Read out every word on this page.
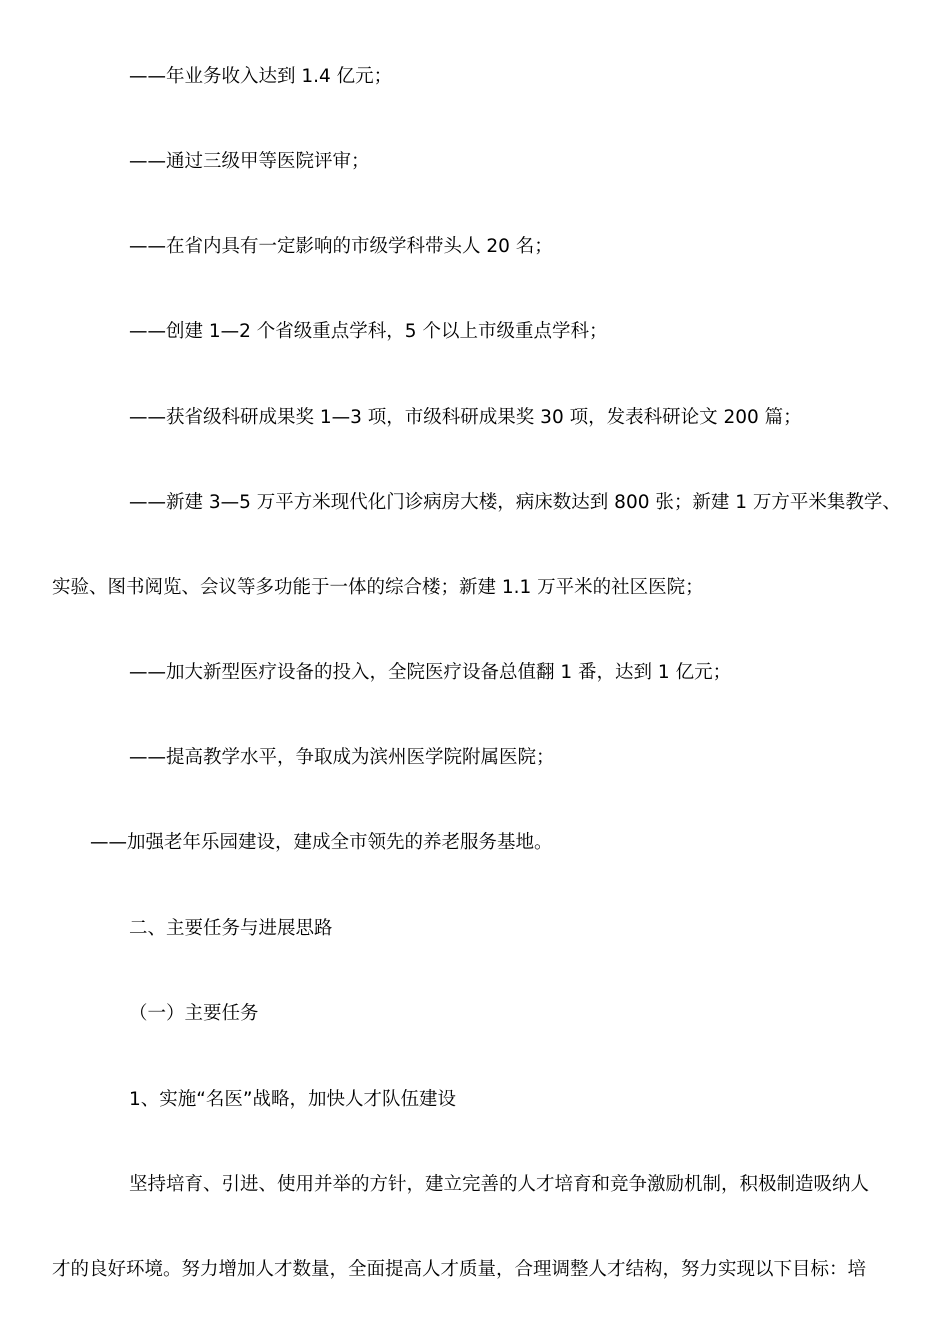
——年业务收入达到 1.4 亿元；
——通过三级甲等医院评审；
——在省内具有一定影响的市级学科带头人 20 名；
——创建 1—2 个省级重点学科，5 个以上市级重点学科；
——获省级科研成果奖 1—3 项，市级科研成果奖 30 项，发表科研论文 200 篇；
——新建 3—5 万平方米现代化门诊病房大楼，病床数达到 800 张；新建 1 万方平米集教学、
实验、图书阅览、会议等多功能于一体的综合楼；新建 1.1 万平米的社区医院；
——加大新型医疗设备的投入，全院医疗设备总值翻 1 番，达到 1 亿元；
——提高教学水平，争取成为滨州医学院附属医院；
——加强老年乐园建设，建成全市领先的养老服务基地。
二、主要任务与进展思路
（一）主要任务
1、实施“名医”战略，加快人才队伍建设
坚持培育、引进、使用并举的方针，建立完善的人才培育和竞争激励机制，积极制造吸纳人
才的良好环境。努力增加人才数量，全面提高人才质量，合理调整人才结构，努力实现以下目标：培
